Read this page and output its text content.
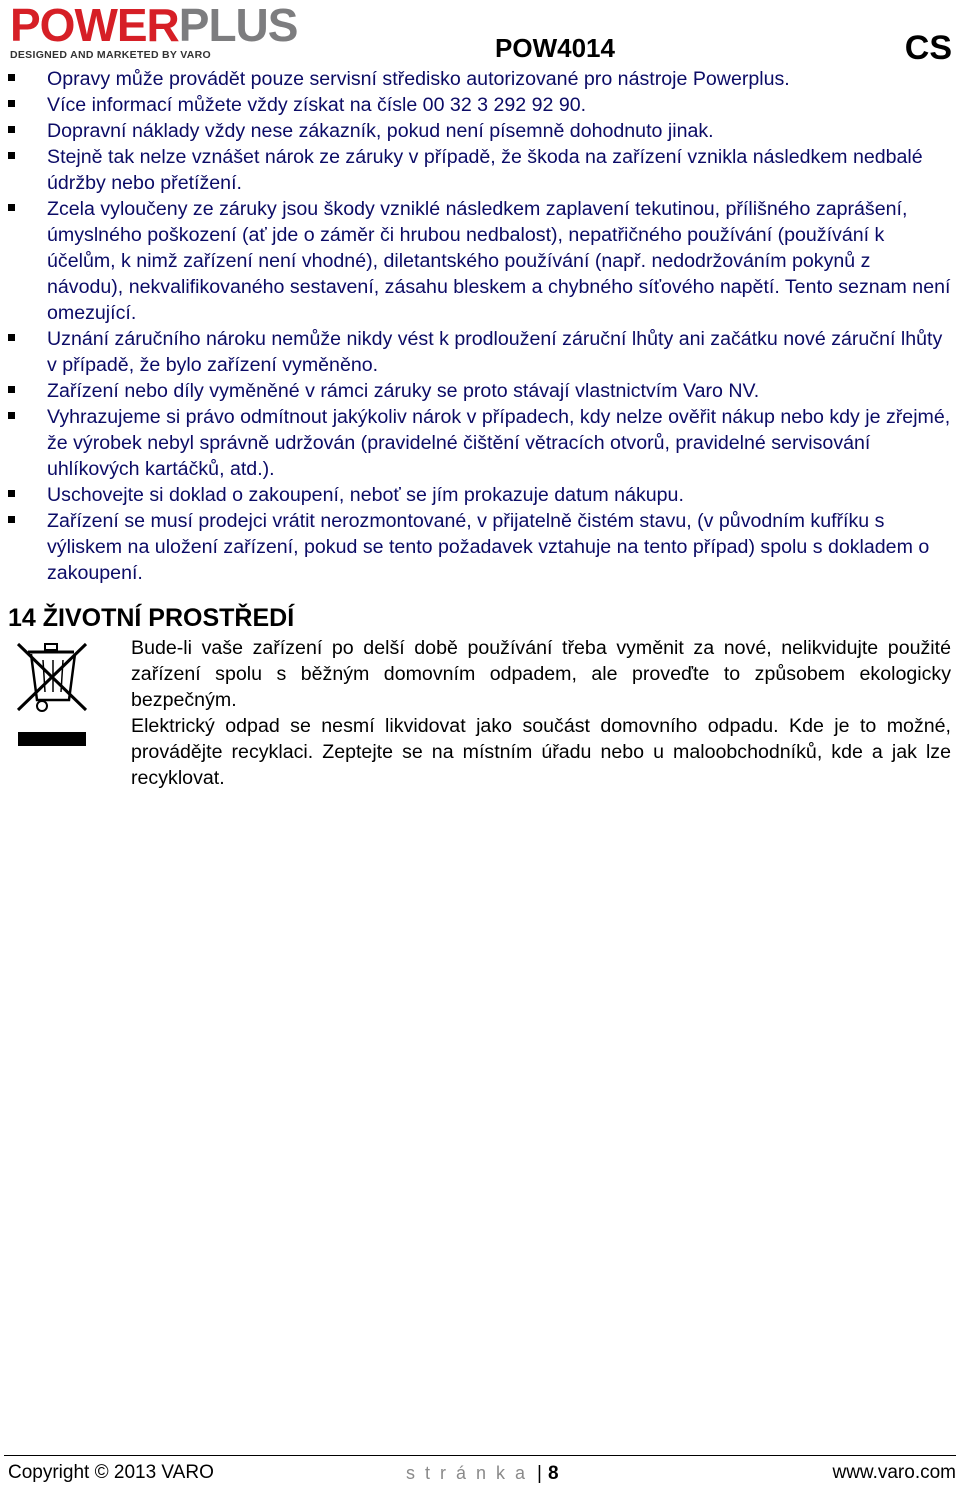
POWERPLUS
DESIGNED AND MARKETED BY VARO	POW4014	CS
Opravy může provádět pouze servisní středisko autorizované pro nástroje Powerplus.
Více informací můžete vždy získat na čísle 00 32 3 292 92 90.
Dopravní náklady vždy nese zákazník, pokud není písemně dohodnuto jinak.
Stejně tak nelze vznášet nárok ze záruky v případě, že škoda na zařízení vznikla následkem nedbalé údržby nebo přetížení.
Zcela vyloučeny ze záruky jsou škody vzniklé následkem zaplavení tekutinou, přílišného zaprášení, úmyslného poškození (ať jde o záměr či hrubou nedbalost), nepatřičného používání (používání k účelům, k nimž zařízení není vhodné), diletantského používání (např. nedodržováním pokynů z návodu), nekvalifikovaného sestavení, zásahu bleskem a chybného síťového napětí. Tento seznam není omezující.
Uznání záručního nároku nemůže nikdy vést k prodloužení záruční lhůty ani začátku nové záruční lhůty v případě, že bylo zařízení vyměněno.
Zařízení nebo díly vyměněné v rámci záruky se proto stávají vlastnictvím Varo NV.
Vyhrazujeme si právo odmítnout jakýkoliv nárok v případech, kdy nelze ověřit nákup nebo kdy je zřejmé, že výrobek nebyl správně udržován (pravidelné čištění větracích otvorů, pravidelné servisování uhlíkových kartáčků, atd.).
Uschovejte si doklad o zakoupení, neboť se jím prokazuje datum nákupu.
Zařízení se musí prodejci vrátit nerozmontované, v přijatelně čistém stavu, (v původním kufříku s výliskem na uložení zařízení, pokud se tento požadavek vztahuje na tento případ) spolu s dokladem o zakoupení.
14 ŽIVOTNÍ PROSTŘEDÍ

Bude-li vaše zařízení po delší době používání třeba vyměnit za nové, nelikvidujte použité zařízení spolu s běžným domovním odpadem, ale proveďte to způsobem ekologicky bezpečným.

Elektrický odpad se nesmí likvidovat jako součást domovního odpadu. Kde je to možné, provádějte recyklaci. Zeptejte se na místním úřadu nebo u maloobchodníků, kde a jak lze recyklovat.

Copyright © 2013 VARO	stránka | 8	www.varo.com
